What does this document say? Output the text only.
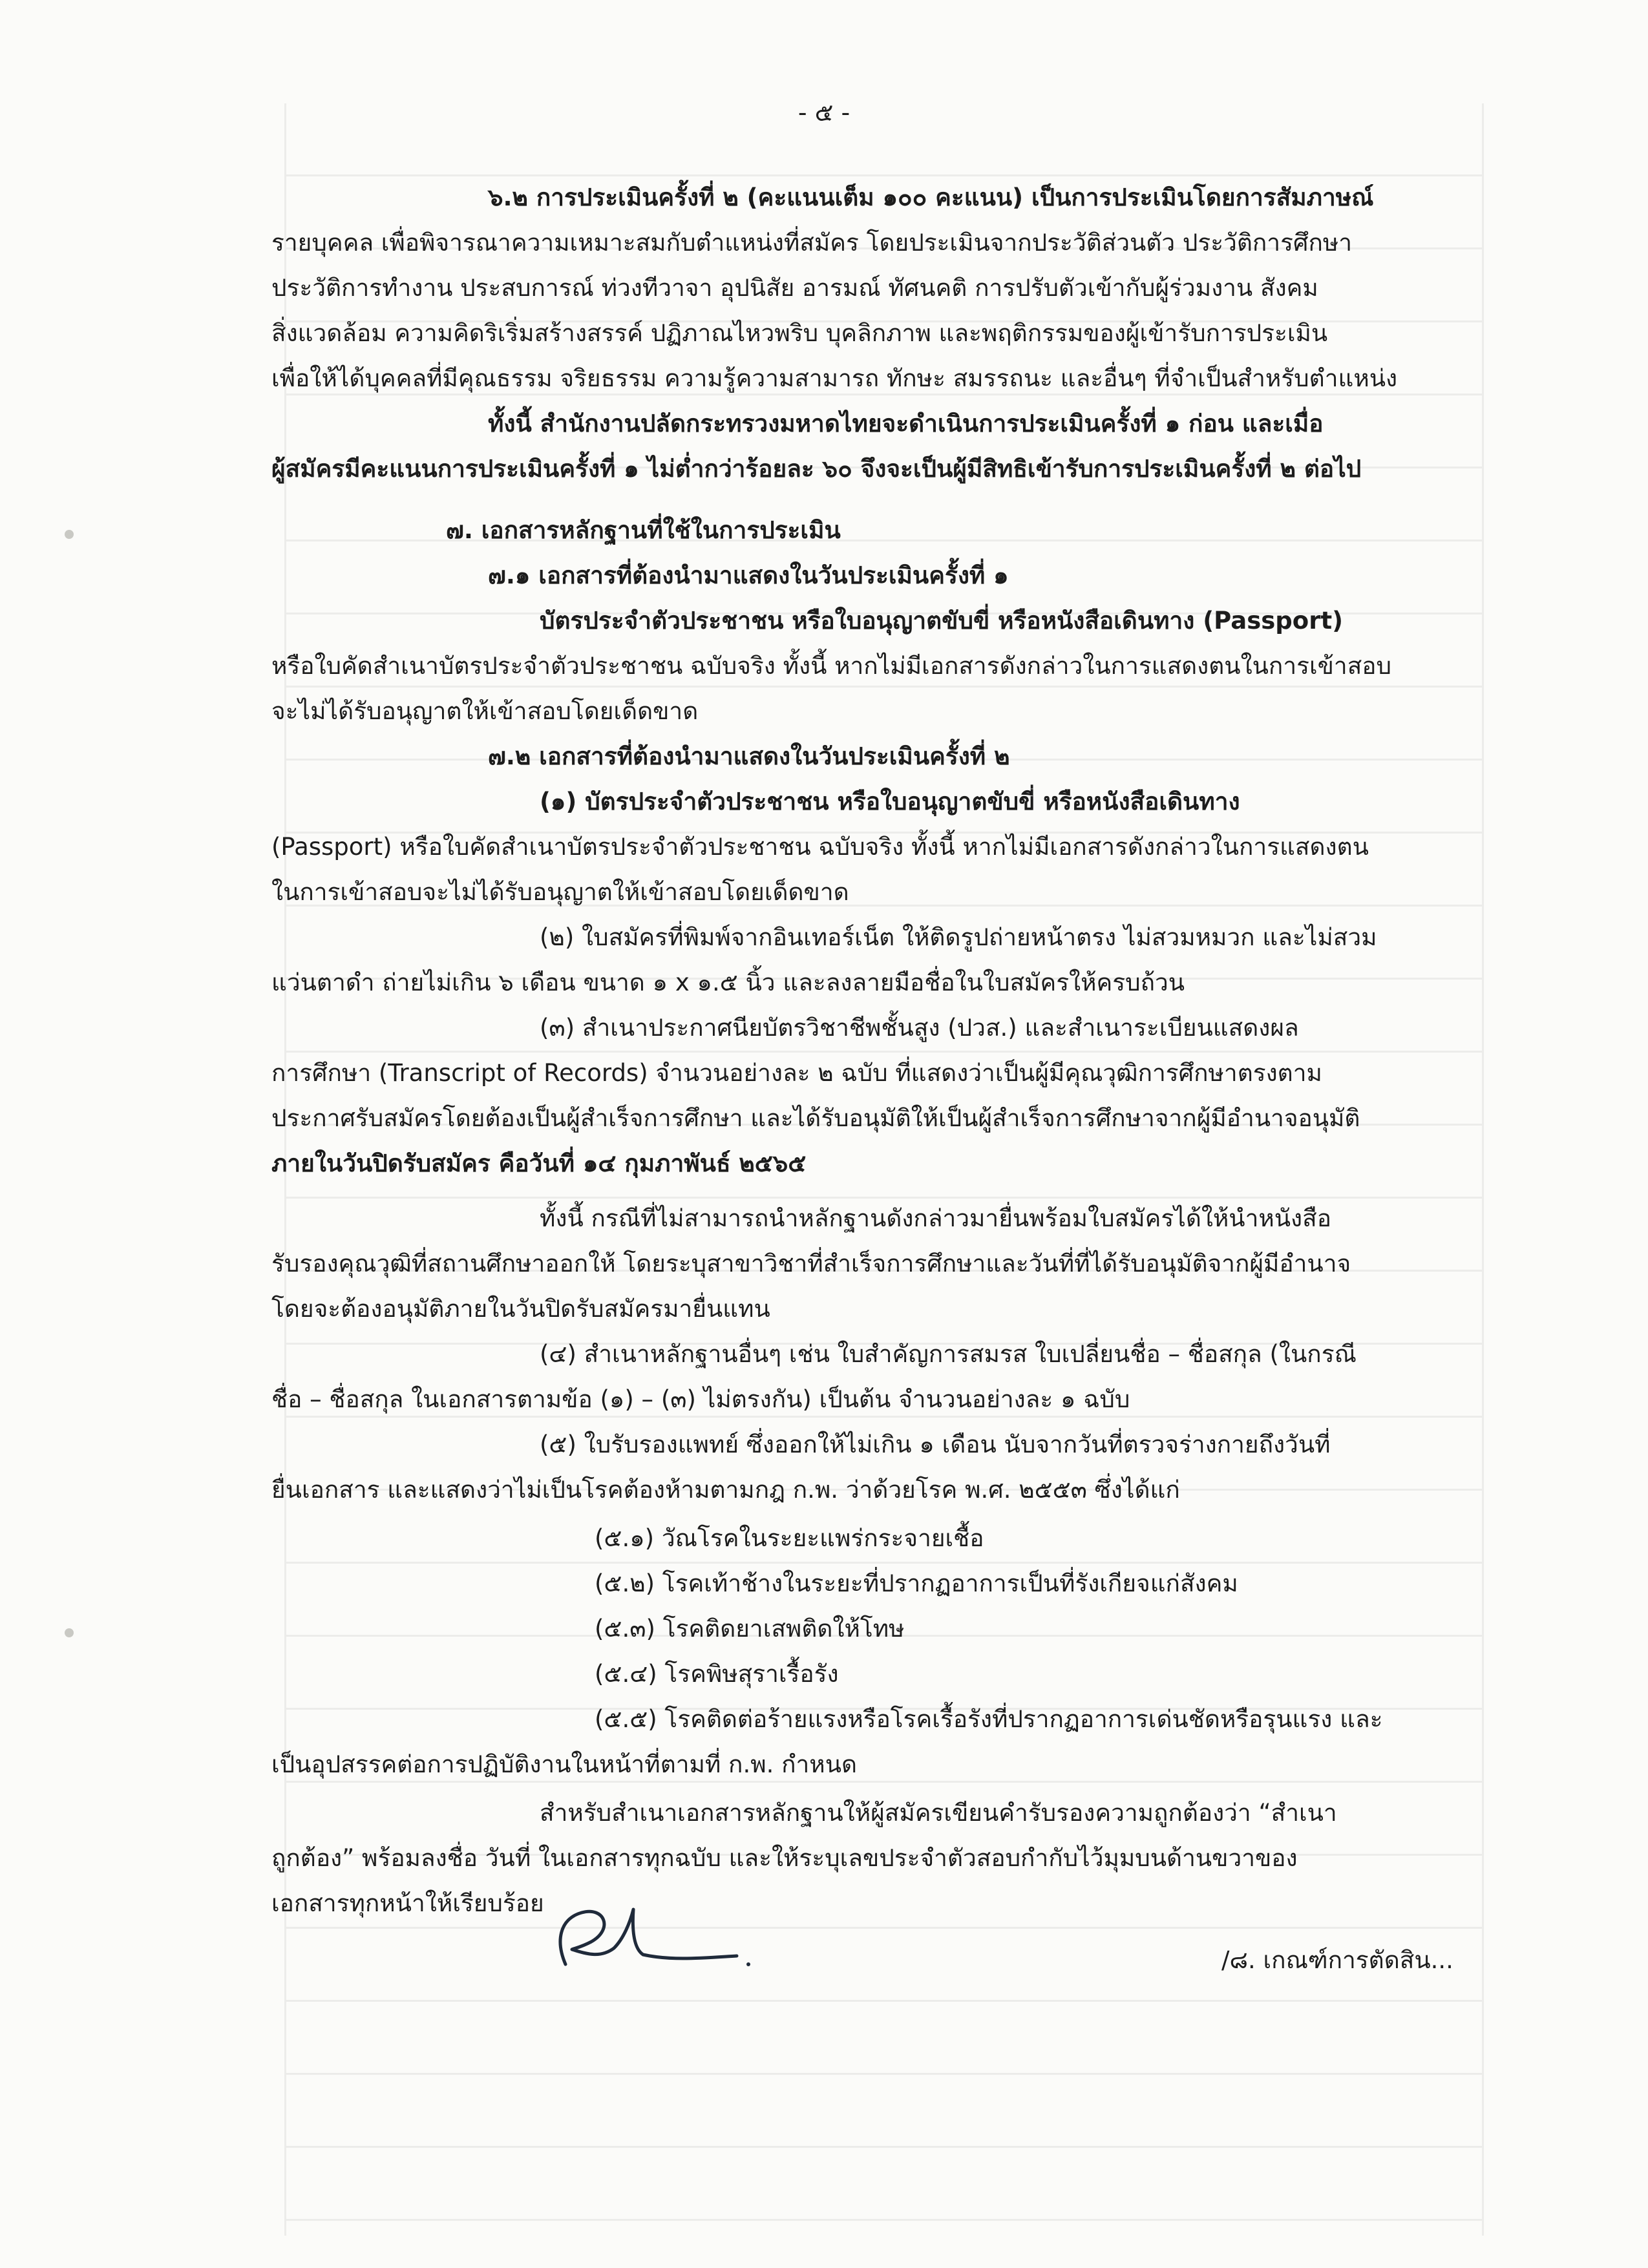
- ๕ -
๖.๒ การประเมินครั้งที่ ๒ (คะแนนเต็ม ๑๐๐ คะแนน) เป็นการประเมินโดยการสัมภาษณ์
รายบุคคล เพื่อพิจารณาความเหมาะสมกับตำแหน่งที่สมัคร โดยประเมินจากประวัติส่วนตัว ประวัติการศึกษา
ประวัติการทำงาน ประสบการณ์ ท่วงทีวาจา อุปนิสัย อารมณ์ ทัศนคติ การปรับตัวเข้ากับผู้ร่วมงาน สังคม
สิ่งแวดล้อม ความคิดริเริ่มสร้างสรรค์ ปฏิภาณไหวพริบ บุคลิกภาพ และพฤติกรรมของผู้เข้ารับการประเมิน
เพื่อให้ได้บุคคลที่มีคุณธรรม จริยธรรม ความรู้ความสามารถ ทักษะ สมรรถนะ และอื่นๆ ที่จำเป็นสำหรับตำแหน่ง
ทั้งนี้ สำนักงานปลัดกระทรวงมหาดไทยจะดำเนินการประเมินครั้งที่ ๑ ก่อน และเมื่อ
ผู้สมัครมีคะแนนการประเมินครั้งที่ ๑ ไม่ต่ำกว่าร้อยละ ๖๐ จึงจะเป็นผู้มีสิทธิเข้ารับการประเมินครั้งที่ ๒ ต่อไป
๗. เอกสารหลักฐานที่ใช้ในการประเมิน
๗.๑ เอกสารที่ต้องนำมาแสดงในวันประเมินครั้งที่ ๑
บัตรประจำตัวประชาชน หรือใบอนุญาตขับขี่ หรือหนังสือเดินทาง (Passport)
หรือใบคัดสำเนาบัตรประจำตัวประชาชน ฉบับจริง ทั้งนี้ หากไม่มีเอกสารดังกล่าวในการแสดงตนในการเข้าสอบ
จะไม่ได้รับอนุญาตให้เข้าสอบโดยเด็ดขาด
๗.๒ เอกสารที่ต้องนำมาแสดงในวันประเมินครั้งที่ ๒
(๑) บัตรประจำตัวประชาชน หรือใบอนุญาตขับขี่ หรือหนังสือเดินทาง
(Passport) หรือใบคัดสำเนาบัตรประจำตัวประชาชน ฉบับจริง ทั้งนี้ หากไม่มีเอกสารดังกล่าวในการแสดงตน
ในการเข้าสอบจะไม่ได้รับอนุญาตให้เข้าสอบโดยเด็ดขาด
(๒) ใบสมัครที่พิมพ์จากอินเทอร์เน็ต ให้ติดรูปถ่ายหน้าตรง ไม่สวมหมวก และไม่สวม
แว่นตาดำ ถ่ายไม่เกิน ๖ เดือน ขนาด ๑ x ๑.๕ นิ้ว และลงลายมือชื่อในใบสมัครให้ครบถ้วน
(๓) สำเนาประกาศนียบัตรวิชาชีพชั้นสูง (ปวส.) และสำเนาระเบียนแสดงผล
การศึกษา (Transcript of Records) จำนวนอย่างละ ๒ ฉบับ ที่แสดงว่าเป็นผู้มีคุณวุฒิการศึกษาตรงตาม
ประกาศรับสมัครโดยต้องเป็นผู้สำเร็จการศึกษา และได้รับอนุมัติให้เป็นผู้สำเร็จการศึกษาจากผู้มีอำนาจอนุมัติ
ภายในวันปิดรับสมัคร คือวันที่ ๑๔ กุมภาพันธ์ ๒๕๖๕
ทั้งนี้ กรณีที่ไม่สามารถนำหลักฐานดังกล่าวมายื่นพร้อมใบสมัครได้ให้นำหนังสือ
รับรองคุณวุฒิที่สถานศึกษาออกให้ โดยระบุสาขาวิชาที่สำเร็จการศึกษาและวันที่ที่ได้รับอนุมัติจากผู้มีอำนาจ
โดยจะต้องอนุมัติภายในวันปิดรับสมัครมายื่นแทน
(๔) สำเนาหลักฐานอื่นๆ เช่น ใบสำคัญการสมรส ใบเปลี่ยนชื่อ – ชื่อสกุล (ในกรณี
ชื่อ – ชื่อสกุล ในเอกสารตามข้อ (๑) – (๓) ไม่ตรงกัน) เป็นต้น จำนวนอย่างละ ๑ ฉบับ
(๕) ใบรับรองแพทย์ ซึ่งออกให้ไม่เกิน ๑ เดือน นับจากวันที่ตรวจร่างกายถึงวันที่
ยื่นเอกสาร และแสดงว่าไม่เป็นโรคต้องห้ามตามกฎ ก.พ. ว่าด้วยโรค พ.ศ. ๒๕๕๓ ซึ่งได้แก่
(๕.๑) วัณโรคในระยะแพร่กระจายเชื้อ
(๕.๒) โรคเท้าช้างในระยะที่ปรากฏอาการเป็นที่รังเกียจแก่สังคม
(๕.๓) โรคติดยาเสพติดให้โทษ
(๕.๔) โรคพิษสุราเรื้อรัง
(๕.๕) โรคติดต่อร้ายแรงหรือโรคเรื้อรังที่ปรากฏอาการเด่นชัดหรือรุนแรง และ
เป็นอุปสรรคต่อการปฏิบัติงานในหน้าที่ตามที่ ก.พ. กำหนด
สำหรับสำเนาเอกสารหลักฐานให้ผู้สมัครเขียนคำรับรองความถูกต้องว่า “สำเนา
ถูกต้อง” พร้อมลงชื่อ วันที่ ในเอกสารทุกฉบับ และให้ระบุเลขประจำตัวสอบกำกับไว้มุมบนด้านขวาของ
เอกสารทุกหน้าให้เรียบร้อย
/๘. เกณฑ์การตัดสิน...
